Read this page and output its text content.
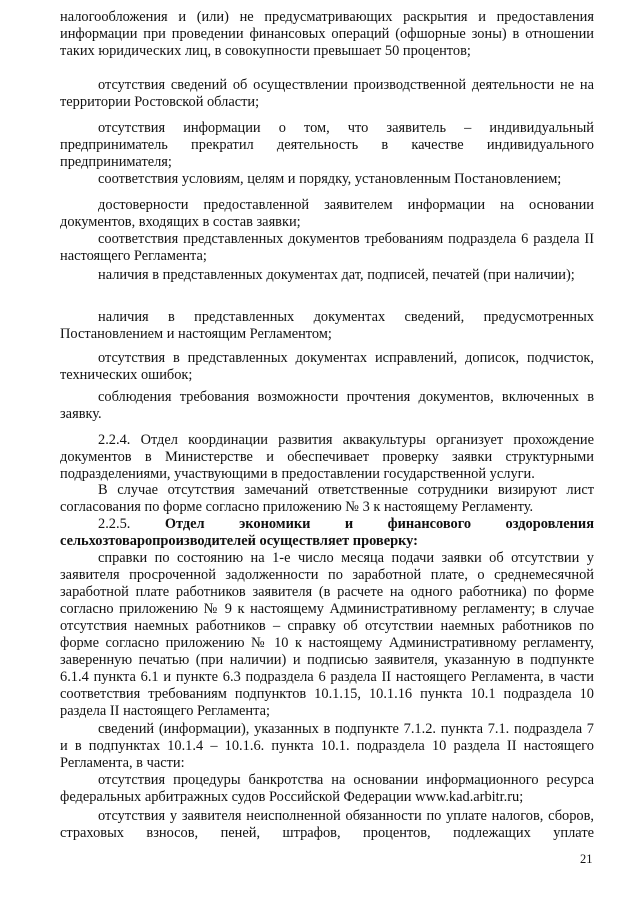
налогообложения и (или) не предусматривающих раскрытия и предоставления информации при проведении финансовых операций (офшорные зоны) в отношении таких юридических лиц, в совокупности превышает 50 процентов;

отсутствия сведений об осуществлении производственной деятельности не на территории Ростовской области;

отсутствия информации о том, что заявитель – индивидуальный предприниматель прекратил деятельность в качестве индивидуального предпринимателя;

соответствия условиям, целям и порядку, установленным Постановлением;

достоверности предоставленной заявителем информации на основании документов, входящих в состав заявки;

соответствия представленных документов требованиям подраздела 6 раздела II настоящего Регламента;

наличия в представленных документах дат, подписей, печатей (при наличии);

наличия в представленных документах сведений, предусмотренных Постановлением и настоящим Регламентом;

отсутствия в представленных документах исправлений, дописок, подчисток, технических ошибок;

соблюдения требования возможности прочтения документов, включенных в заявку.

2.2.4. Отдел координации развития аквакультуры организует прохождение документов в Министерстве и обеспечивает проверку заявки структурными подразделениями, участвующими в предоставлении государственной услуги.

В случае отсутствия замечаний ответственные сотрудники визируют лист согласования по форме согласно приложению № 3 к настоящему Регламенту.

2.2.5. Отдел экономики и финансового оздоровления
сельхозтоваропроизводителей осуществляет проверку:

справки по состоянию на 1-е число месяца подачи заявки об отсутствии у заявителя просроченной задолженности по заработной плате, о среднемесячной заработной плате работников заявителя (в расчете на одного работника) по форме согласно приложению № 9 к настоящему Административному регламенту; в случае отсутствия наемных работников – справку об отсутствии наемных работников по форме согласно приложению № 10 к настоящему Административному регламенту, заверенную печатью (при наличии) и подписью заявителя, указанную в подпункте 6.1.4 пункта 6.1 и пункте 6.3 подраздела 6 раздела II настоящего Регламента, в части соответствия требованиям подпунктов 10.1.15, 10.1.16 пункта 10.1 подраздела 10 раздела II настоящего Регламента;

сведений (информации), указанных в подпункте 7.1.2. пункта 7.1. подраздела 7 и в подпунктах 10.1.4 – 10.1.6. пункта 10.1. подраздела 10 раздела II настоящего Регламента, в части:

отсутствия процедуры банкротства на основании информационного ресурса федеральных арбитражных судов Российской Федерации www.kad.arbitr.ru;

отсутствия у заявителя неисполненной обязанности по уплате налогов, сборов, страховых взносов, пеней, штрафов, процентов, подлежащих уплате

21
